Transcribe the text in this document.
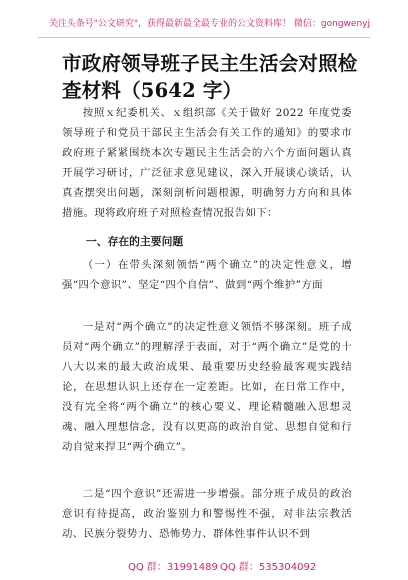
关注头条号"公文研究"，获得最新最全最专业的公文资料库！ 微信：gongwenyj
市政府领导班子民主生活会对照检查材料（5642 字）
按照ｘ纪委机关、ｘ组织部《关于做好 2022 年度党委领导班子和党员干部民主生活会有关工作的通知》的要求市政府班子紧紧围绕本次专题民主生活会的六个方面问题认真开展学习研讨，广泛征求意见建议，深入开展谈心谈话，认真查摆突出问题，深刻剖析问题根源，明确努力方向和具体措施。现将政府班子对照检查情况报告如下：
一、存在的主要问题
（一）在带头深刻领悟“两个确立”的决定性意义，增强“四个意识”、坚定“四个自信”、做到“两个维护”方面
一是对“两个确立”的决定性意义领悟不够深刻。班子成员对“两个确立”的理解浮于表面，对于“两个确立”是党的十八大以来的最大政治成果、最重要历史经验最客观实践结论，在思想认识上还存在一定差距。比如，在日常工作中，没有完全将“两个确立”的核心要义、理论精髓融入思想灵魂、融入理想信念，没有以更高的政治自觉、思想自觉和行动自觉来捍卫“两个确立”。
二是“四个意识”还需进一步增强。部分班子成员的政治意识有待提高，政治鉴别力和警惕性不强，对非法宗教活动、民族分裂势力、恐怖势力、群体性事件认识不到
QQ 群：31991489 QQ 群：535304092
